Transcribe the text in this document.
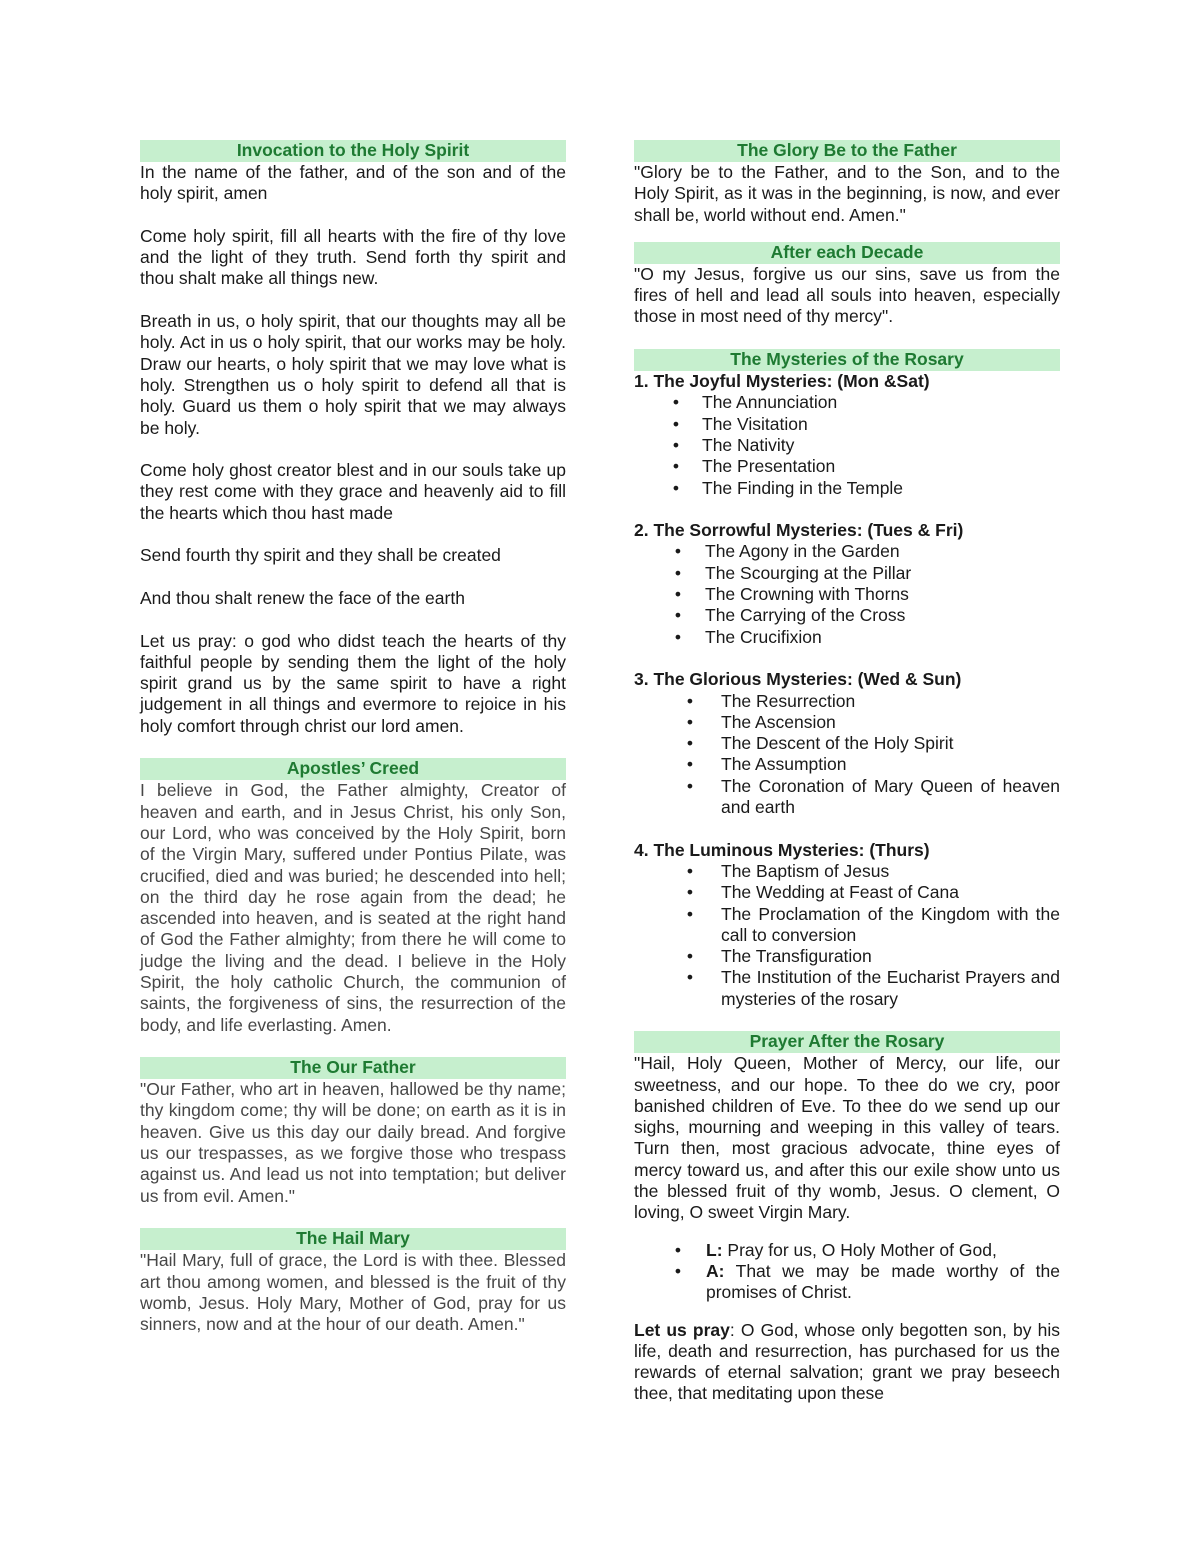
Invocation to the Holy Spirit

In the name of the father, and of the son and of the holy spirit, amen

Come holy spirit, fill all hearts with the fire of thy love and the light of they truth. Send forth thy spirit and thou shalt make all things new.

Breath in us, o holy spirit, that our thoughts may all be holy. Act in us o holy spirit, that our works may be holy. Draw our hearts, o holy spirit that we may love what is holy. Strengthen us o holy spirit to defend all that is holy. Guard us them o holy spirit that we may always be holy.

Come holy ghost creator blest and in our souls take up they rest come with they grace and heavenly aid to fill the hearts which thou hast made

Send fourth thy spirit and they shall be created

And thou shalt renew the face of the earth

Let us pray: o god who didst teach the hearts of thy faithful people by sending them the light of the holy spirit grand us by the same spirit to have a right judgement in all things and evermore to rejoice in his holy comfort through christ our lord amen.

Apostles’ Creed

I believe in God, the Father almighty, Creator of heaven and earth, and in Jesus Christ, his only Son, our Lord, who was conceived by the Holy Spirit, born of the Virgin Mary, suffered under Pontius Pilate, was crucified, died and was buried; he descended into hell; on the third day he rose again from the dead; he ascended into heaven, and is seated at the right hand of God the Father almighty; from there he will come to judge the living and the dead. I believe in the Holy Spirit, the holy catholic Church, the communion of saints, the forgiveness of sins, the resurrection of the body, and life everlasting. Amen.

The Our Father

"Our Father, who art in heaven, hallowed be thy name; thy kingdom come; thy will be done; on earth as it is in heaven. Give us this day our daily bread. And forgive us our trespasses, as we forgive those who trespass against us. And lead us not into temptation; but deliver us from evil. Amen."

The Hail Mary

"Hail Mary, full of grace, the Lord is with thee. Blessed art thou among women, and blessed is the fruit of thy womb, Jesus. Holy Mary, Mother of God, pray for us sinners, now and at the hour of our death. Amen."

The Glory Be to the Father

"Glory be to the Father, and to the Son, and to the Holy Spirit, as it was in the beginning, is now, and ever shall be, world without end. Amen."

After each Decade

"O my Jesus, forgive us our sins, save us from the fires of hell and lead all souls into heaven, especially those in most need of thy mercy".

The Mysteries of the Rosary
1. The Joyful Mysteries: (Mon &Sat)
•	The Annunciation
•	The Visitation
•	The Nativity
•	The Presentation
•	The Finding in the Temple
2. The Sorrowful Mysteries: (Tues & Fri)
•	The Agony in the Garden
•	The Scourging at the Pillar
•	The Crowning with Thorns
•	The Carrying of the Cross
•	The Crucifixion
3. The Glorious Mysteries: (Wed & Sun)
•	The Resurrection
•	The Ascension
•	The Descent of the Holy Spirit
•	The Assumption
•	The Coronation of Mary Queen of heaven and earth
4. The Luminous Mysteries: (Thurs)
•	The Baptism of Jesus
•	The Wedding at Feast of Cana
•	The Proclamation of the Kingdom with the call to conversion
•	The Transfiguration
•	The Institution of the Eucharist Prayers and mysteries of the rosary
Prayer After the Rosary

"Hail, Holy Queen, Mother of Mercy, our life, our sweetness, and our hope. To thee do we cry, poor banished children of Eve. To thee do we send up our sighs, mourning and weeping in this valley of tears. Turn then, most gracious advocate, thine eyes of mercy toward us, and after this our exile show unto us the blessed fruit of thy womb, Jesus. O clement, O loving, O sweet Virgin Mary.

•	L: Pray for us, O Holy Mother of God,
•	A: That we may be made worthy of the promises of Christ.

Let us pray: O God, whose only begotten son, by his life, death and resurrection, has purchased for us the rewards of eternal salvation; grant we pray beseech thee, that meditating upon these
